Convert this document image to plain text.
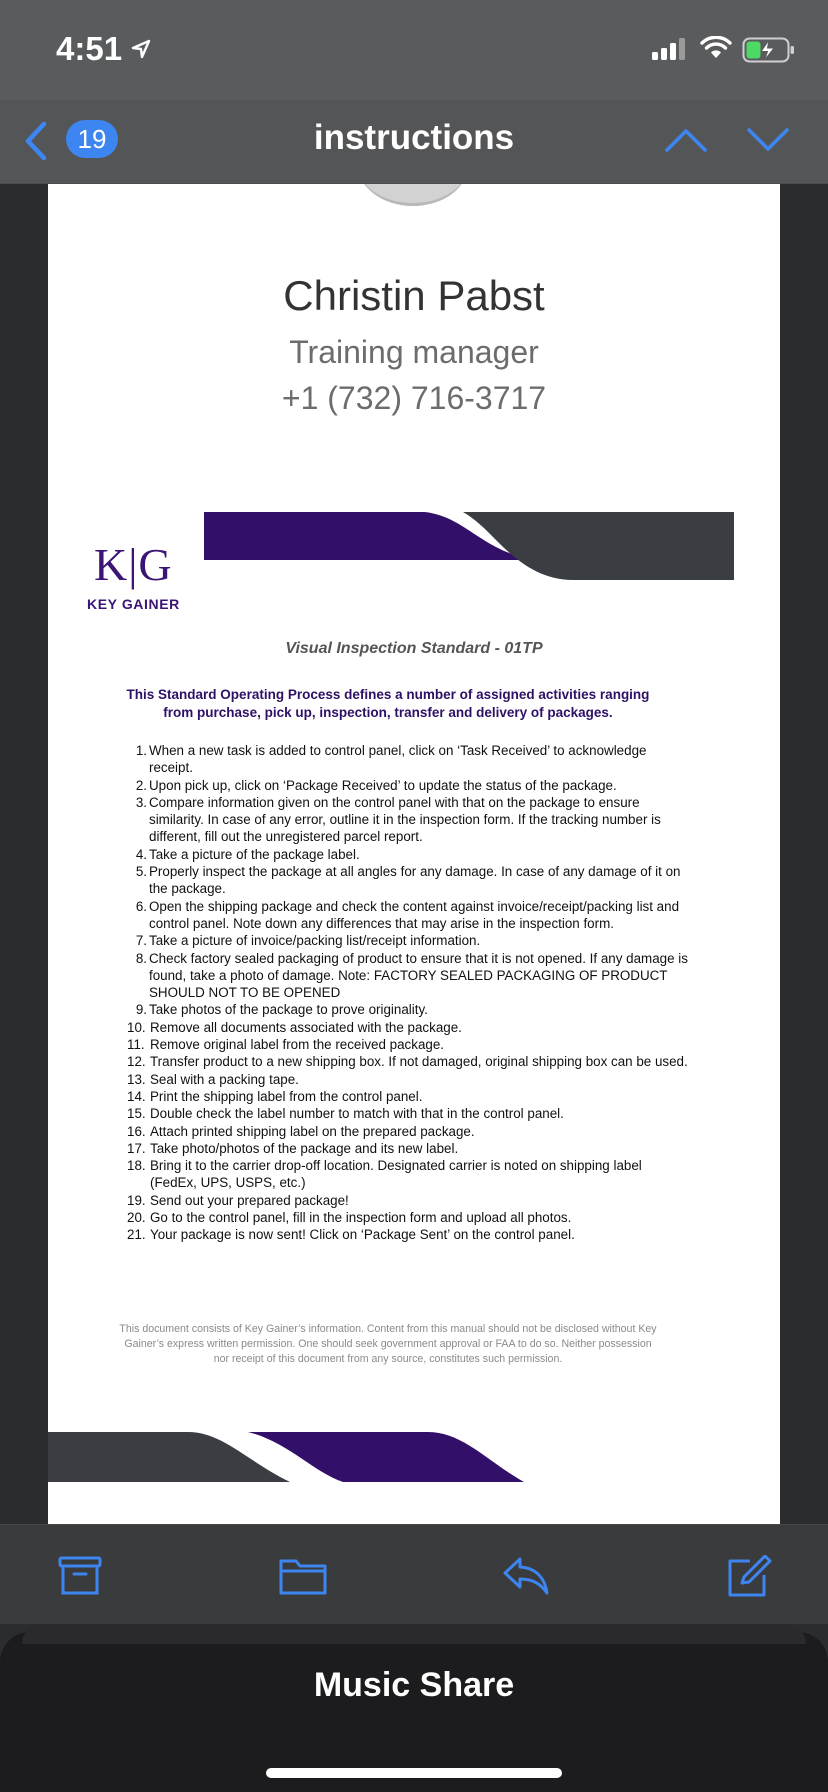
4:51
19	instructions
Christin Pabst
Training manager
+1 (732) 716-3717
K|G
KEY GAINER
Visual Inspection Standard - 01TP
This Standard Operating Process defines a number of assigned activities ranging from purchase, pick up, inspection, transfer and delivery of packages.
1. When a new task is added to control panel, click on ‘Task Received’ to acknowledge receipt.
2. Upon pick up, click on ‘Package Received’ to update the status of the package.
3. Compare information given on the control panel with that on the package to ensure similarity. In case of any error, outline it in the inspection form. If the tracking number is different, fill out the unregistered parcel report.
4. Take a picture of the package label.
5. Properly inspect the package at all angles for any damage. In case of any damage of it on the package.
6. Open the shipping package and check the content against invoice/receipt/packing list and control panel. Note down any differences that may arise in the inspection form.
7. Take a picture of invoice/packing list/receipt information.
8. Check factory sealed packaging of product to ensure that it is not opened. If any damage is found, take a photo of damage. Note: FACTORY SEALED PACKAGING OF PRODUCT SHOULD NOT TO BE OPENED
9. Take photos of the package to prove originality.
10. Remove all documents associated with the package.
11. Remove original label from the received package.
12. Transfer product to a new shipping box. If not damaged, original shipping box can be used.
13. Seal with a packing tape.
14. Print the shipping label from the control panel.
15. Double check the label number to match with that in the control panel.
16. Attach printed shipping label on the prepared package.
17. Take photo/photos of the package and its new label.
18. Bring it to the carrier drop-off location. Designated carrier is noted on shipping label (FedEx, UPS, USPS, etc.)
19. Send out your prepared package!
20. Go to the control panel, fill in the inspection form and upload all photos.
21. Your package is now sent! Click on ‘Package Sent’ on the control panel.
This document consists of Key Gainer’s information. Content from this manual should not be disclosed without Key Gainer’s express written permission. One should seek government approval or FAA to do so. Neither possession nor receipt of this document from any source, constitutes such permission.
Music Share
